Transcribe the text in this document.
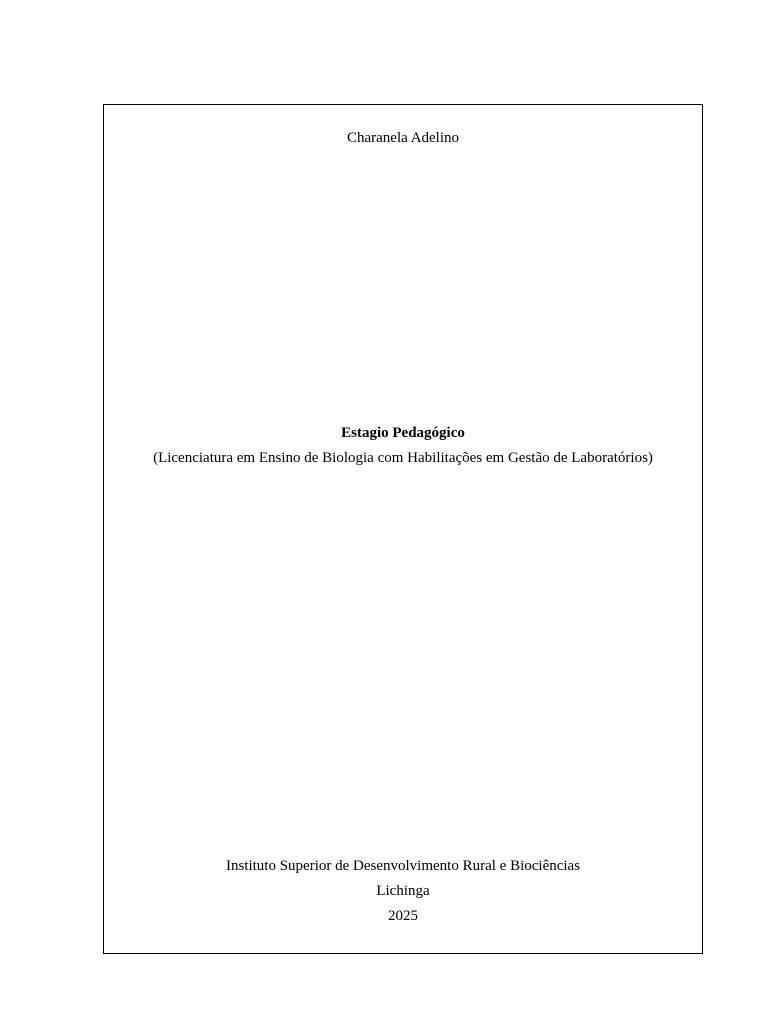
Charanela Adelino
Estagio Pedagógico
(Licenciatura em Ensino de Biologia com Habilitações em Gestão de Laboratórios)
Instituto Superior de Desenvolvimento Rural e Biociências
Lichinga
2025
